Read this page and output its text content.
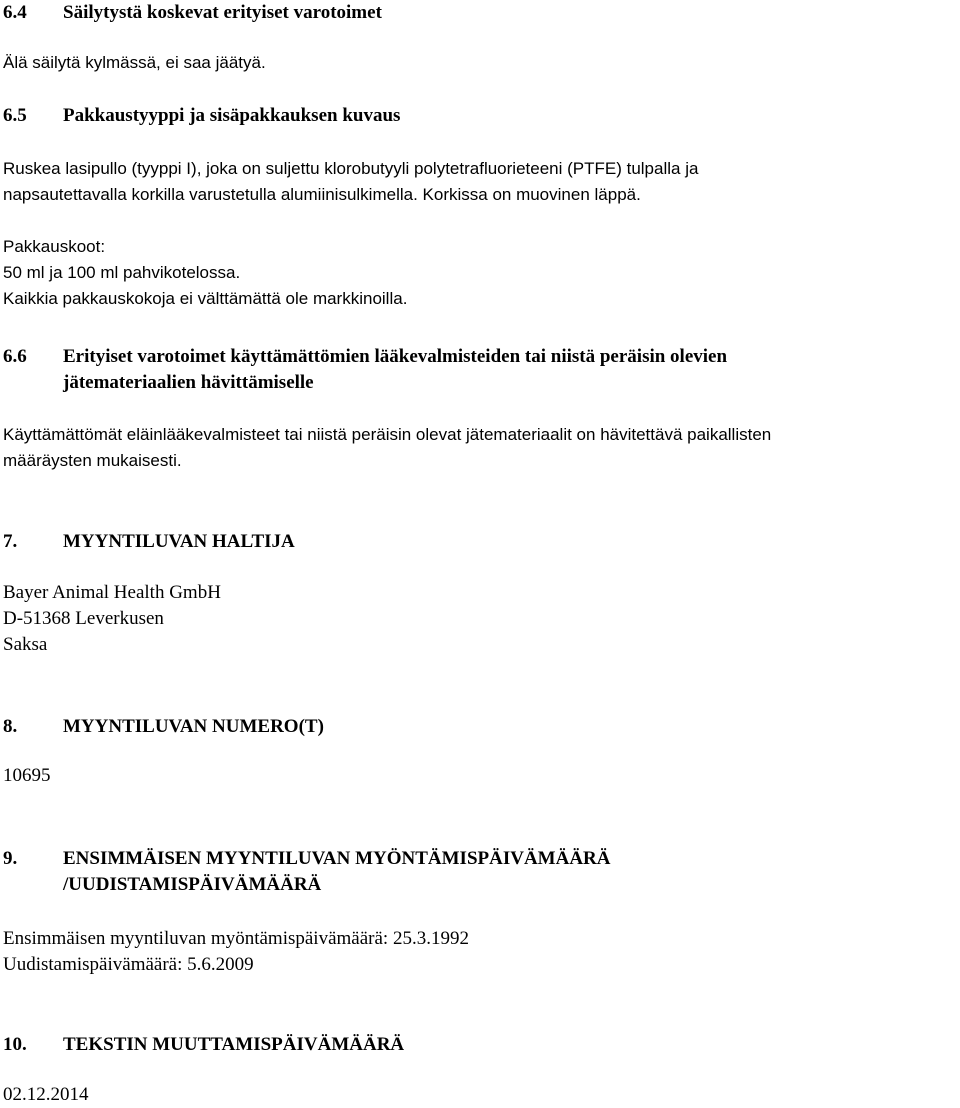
6.4	Säilytystä koskevat erityiset varotoimet
Älä säilytä kylmässä, ei saa jäätyä.
6.5	Pakkaustyyppi ja sisäpakkauksen kuvaus
Ruskea lasipullo (tyyppi I), joka on suljettu klorobutyyli polytetrafluorieteeni (PTFE) tulpalla ja
napsautettavalla korkilla varustetulla alumiinisulkimella. Korkissa on muovinen läppä.
Pakkauskoot:
50 ml ja 100 ml pahvikotelossa.
Kaikkia pakkauskokoja ei välttämättä ole markkinoilla.
6.6	Erityiset varotoimet käyttämättömien lääkevalmisteiden tai niistä peräisin olevien
jätemateriaalien hävittämiselle
Käyttämättömät eläinlääkevalmisteet tai niistä peräisin olevat jätemateriaalit on hävitettävä paikallisten
määräysten mukaisesti.
7.	MYYNTILUVAN HALTIJA
Bayer Animal Health GmbH
D-51368 Leverkusen
Saksa
8.	MYYNTILUVAN NUMERO(T)
10695
9.	ENSIMMÄISEN MYYNTILUVAN MYÖNTÄMISPÄIVÄMÄÄRÄ
/UUDISTAMISPÄIVÄMÄÄRÄ
Ensimmäisen myyntiluvan myöntämispäivämäärä: 25.3.1992
Uudistamispäivämäärä: 5.6.2009
10.	TEKSTIN MUUTTAMISPÄIVÄMÄÄRÄ
02.12.2014
